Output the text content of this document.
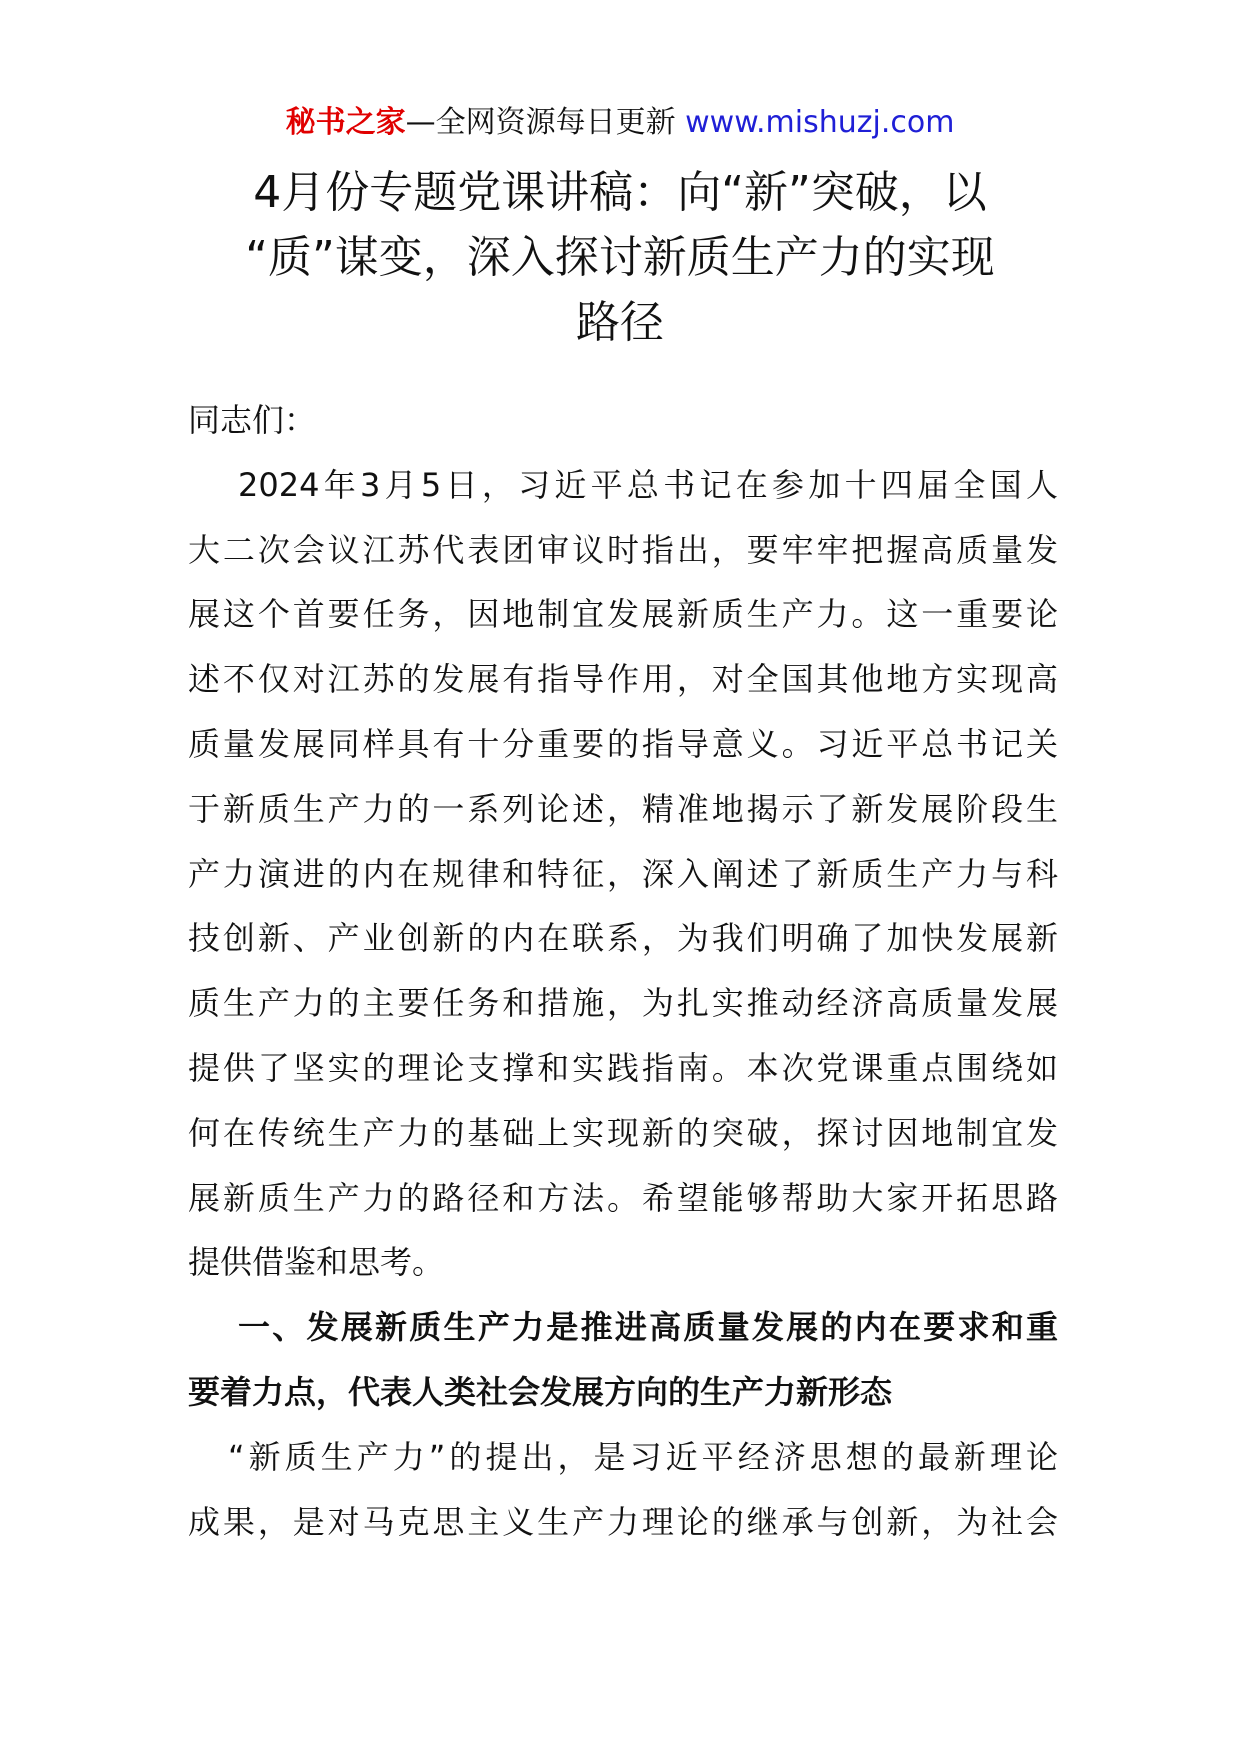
秘书之家—全网资源每日更新 www.mishuzj.com
4月份专题党课讲稿：向“新”突破，以
“质”谋变，深入探讨新质生产力的实现
路径
同志们：
2024年3月5日，习近平总书记在参加十四届全国人
大二次会议江苏代表团审议时指出，要牢牢把握高质量发
展这个首要任务，因地制宜发展新质生产力。这一重要论
述不仅对江苏的发展有指导作用，对全国其他地方实现高
质量发展同样具有十分重要的指导意义。习近平总书记关
于新质生产力的一系列论述，精准地揭示了新发展阶段生
产力演进的内在规律和特征，深入阐述了新质生产力与科
技创新、产业创新的内在联系，为我们明确了加快发展新
质生产力的主要任务和措施，为扎实推动经济高质量发展
提供了坚实的理论支撑和实践指南。本次党课重点围绕如
何在传统生产力的基础上实现新的突破，探讨因地制宜发
展新质生产力的路径和方法。希望能够帮助大家开拓思路
提供借鉴和思考。
一、发展新质生产力是推进高质量发展的内在要求和重
要着力点，代表人类社会发展方向的生产力新形态
“新质生产力”的提出，是习近平经济思想的最新理论
成果，是对马克思主义生产力理论的继承与创新，为社会
